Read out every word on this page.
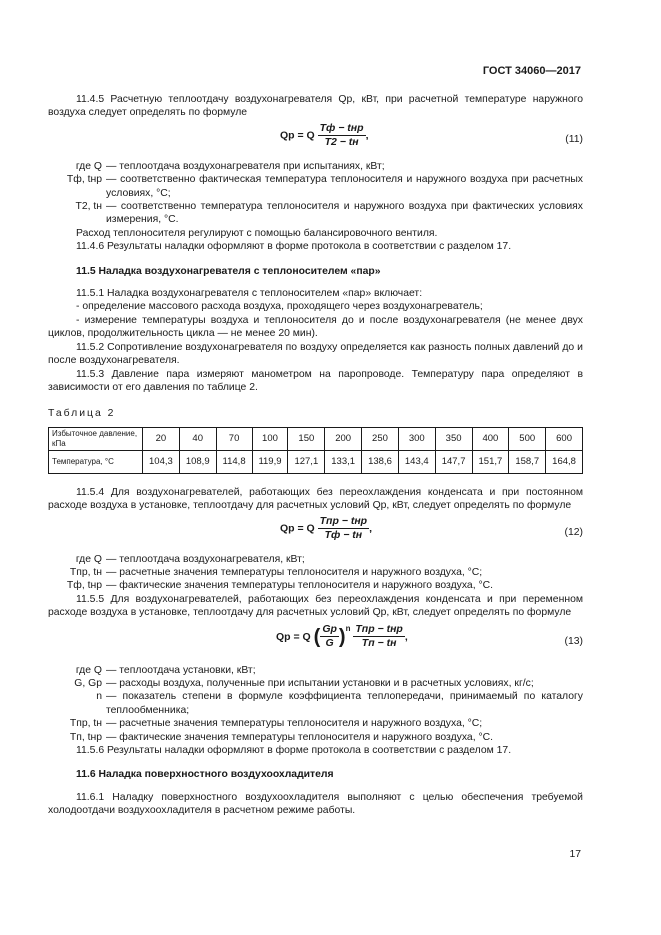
ГОСТ 34060—2017

11.4.5 Расчетную теплоотдачу воздухонагревателя Qр, кВт, при расчетной температуре наружного воздуха следует определять по формуле

Qр = Q $\frac{\text{Tф − tнр}}{T2 - tн}$ ,	(11)
где Q	— теплоотдача воздухонагревателя при испытаниях, кВт;
Tф, tнр	— соответственно фактическая температура теплоносителя и наружного воздуха при расчетных условиях, °С;
T2, tн	— соответственно температура теплоносителя и наружного воздуха при фактических условиях измерения, °С.

Расход теплоносителя регулируют с помощью балансировочного вентиля.

11.4.6 Результаты наладки оформляют в форме протокола в соответствии с разделом 17.

11.5 Наладка воздухонагревателя с теплоносителем «пар»

11.5.1 Наладка воздухонагревателя с теплоносителем «пар» включает:

- определение массового расхода воздуха, проходящего через воздухонагреватель;

- измерение температуры воздуха и теплоносителя до и после воздухонагревателя (не менее двух циклов, продолжительность цикла — не менее 20 мин).

11.5.2 Сопротивление воздухонагревателя по воздуху определяется как разность полных давлений до и после воздухонагревателя.

11.5.3 Давление пара измеряют манометром на паропроводе. Температуру пара определяют в зависимости от его давления по таблице 2.

Таблица 2
Избыточное давление, кПа	20	40	70	100	150	200	250	300	350	400	500	600
Температура, °С	104,3	108,9	114,8	119,9	127,1	133,1	138,6	143,4	147,7	151,7	158,7	164,8

11.5.4 Для воздухонагревателей, работающих без переохлаждения конденсата и при постоянном расходе воздуха в установке, теплоотдачу для расчетных условий Qр, кВт, следует определять по формуле

Qр = Q $\frac{\text{Tпр − tнр}}{Tф - tн}$ ,	(12)
где Q	— теплоотдача воздухонагревателя, кВт;
Tпр, tн	— расчетные значения температуры теплоносителя и наружного воздуха, °С;
Tф, tнр	— фактические значения температуры теплоносителя и наружного воздуха, °С.

11.5.5 Для воздухонагревателей, работающих без переохлаждения конденсата и при переменном расходе воздуха в установке, теплоотдачу для расчетных условий Qр, кВт, следует определять по формуле

Qр = Q ( $\frac{Gр}{G} )^n \frac{\text{Tпр − tнр}}{Tп - tн}$ ,	(13)
где Q	— теплоотдача установки, кВт;
G, Gр	— расходы воздуха, полученные при испытании установки и в расчетных условиях, кг/с;
n	— показатель степени в формуле коэффициента теплопередачи, принимаемый по каталогу теплообменника;
Tпр, tн	— расчетные значения температуры теплоносителя и наружного воздуха, °С;
Tп, tнр	— фактические значения температуры теплоносителя и наружного воздуха, °С.

11.5.6 Результаты наладки оформляют в форме протокола в соответствии с разделом 17.

11.6 Наладка поверхностного воздухоохладителя

11.6.1 Наладку поверхностного воздухоохладителя выполняют с целью обеспечения требуемой холодоотдачи воздухоохладителя в расчетном режиме работы.

17
